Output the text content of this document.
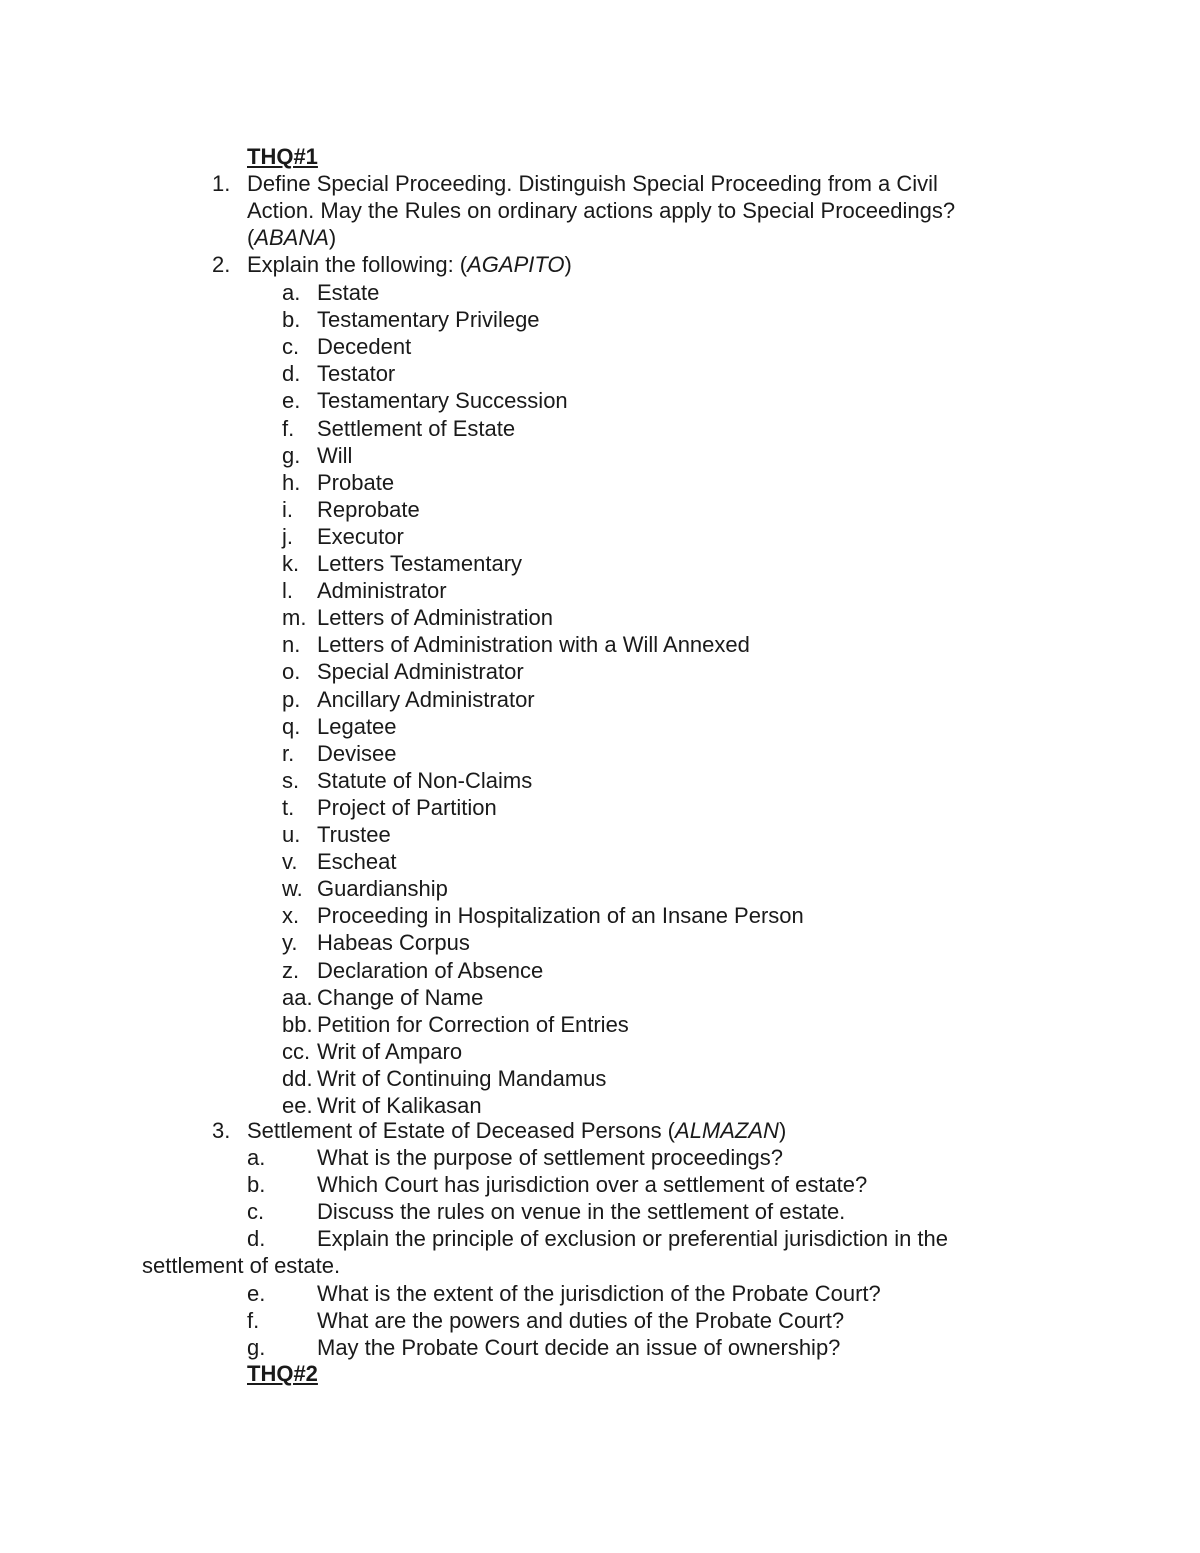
THQ#1
1. Define Special Proceeding. Distinguish Special Proceeding from a Civil
Action. May the Rules on ordinary actions apply to Special Proceedings?
(ABANA)
2. Explain the following: (AGAPITO)
a. Estate
b. Testamentary Privilege
c. Decedent
d. Testator
e. Testamentary Succession
f. Settlement of Estate
g. Will
h. Probate
i. Reprobate
j. Executor
k. Letters Testamentary
l. Administrator
m. Letters of Administration
n. Letters of Administration with a Will Annexed
o. Special Administrator
p. Ancillary Administrator
q. Legatee
r. Devisee
s. Statute of Non-Claims
t. Project of Partition
u. Trustee
v. Escheat
w. Guardianship
x. Proceeding in Hospitalization of an Insane Person
y. Habeas Corpus
z. Declaration of Absence
aa. Change of Name
bb. Petition for Correction of Entries
cc. Writ of Amparo
dd. Writ of Continuing Mandamus
ee. Writ of Kalikasan
3. Settlement of Estate of Deceased Persons (ALMAZAN)
a. What is the purpose of settlement proceedings?
b. Which Court has jurisdiction over a settlement of estate?
c. Discuss the rules on venue in the settlement of estate.
d. Explain the principle of exclusion or preferential jurisdiction in the
settlement of estate.
e. What is the extent of the jurisdiction of the Probate Court?
f.	What are the powers and duties of the Probate Court?
g. May the Probate Court decide an issue of ownership?
THQ#2
